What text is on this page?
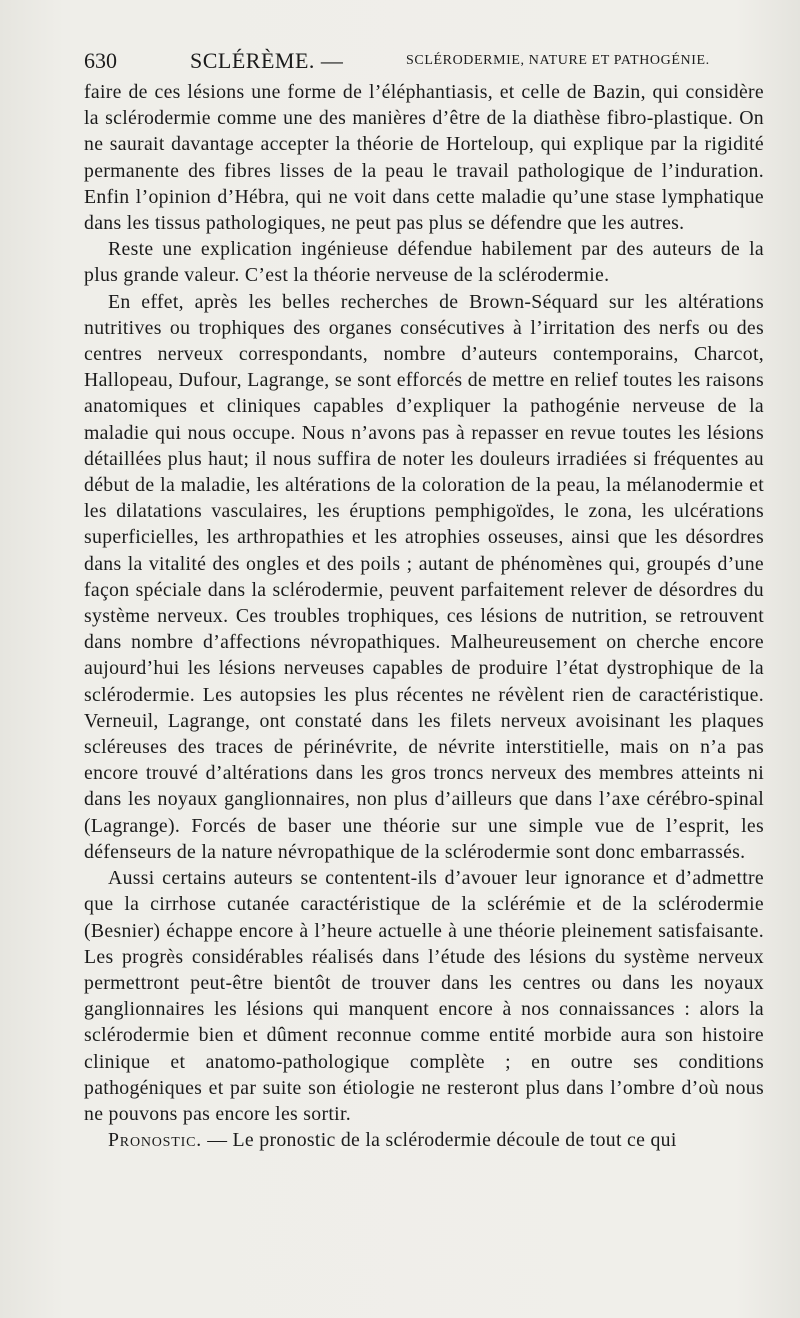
630	SCLÉRÈME. —	SCLÉRODERMIE, NATURE ET PATHOGÉNIE.

faire de ces lésions une forme de l’éléphantiasis, et celle de Bazin, qui considère la sclérodermie comme une des manières d’être de la diathèse fibro-plastique. On ne saurait davantage accepter la théorie de Horteloup, qui explique par la rigidité permanente des fibres lisses de la peau le travail pathologique de l’induration. Enfin l’opinion d’Hébra, qui ne voit dans cette maladie qu’une stase lymphatique dans les tissus pathologiques, ne peut pas plus se défendre que les autres.

Reste une explication ingénieuse défendue habilement par des auteurs de la plus grande valeur. C’est la théorie nerveuse de la sclérodermie.

En effet, après les belles recherches de Brown-Séquard sur les altérations nutritives ou trophiques des organes consécutives à l’irritation des nerfs ou des centres nerveux correspondants, nombre d’auteurs contemporains, Charcot, Hallopeau, Dufour, Lagrange, se sont efforcés de mettre en relief toutes les raisons anatomiques et cliniques capables d’expliquer la pathogénie nerveuse de la maladie qui nous occupe. Nous n’avons pas à repasser en revue toutes les lésions détaillées plus haut; il nous suffira de noter les douleurs irradiées si fréquentes au début de la maladie, les altérations de la coloration de la peau, la mélanodermie et les dilatations vasculaires, les éruptions pemphigoïdes, le zona, les ulcérations superficielles, les arthropathies et les atrophies osseuses, ainsi que les désordres dans la vitalité des ongles et des poils ; autant de phénomènes qui, groupés d’une façon spéciale dans la sclérodermie, peuvent parfaitement relever de désordres du système nerveux. Ces troubles trophiques, ces lésions de nutrition, se retrouvent dans nombre d’affections névropathiques. Malheureusement on cherche encore aujourd’hui les lésions nerveuses capables de produire l’état dystrophique de la sclérodermie. Les autopsies les plus récentes ne révèlent rien de caractéristique. Verneuil, Lagrange, ont constaté dans les filets nerveux avoisinant les plaques scléreuses des traces de périnévrite, de névrite interstitielle, mais on n’a pas encore trouvé d’altérations dans les gros troncs nerveux des membres atteints ni dans les noyaux ganglionnaires, non plus d’ailleurs que dans l’axe cérébro-spinal (Lagrange). Forcés de baser une théorie sur une simple vue de l’esprit, les défenseurs de la nature névropathique de la sclérodermie sont donc embarrassés.

Aussi certains auteurs se contentent-ils d’avouer leur ignorance et d’admettre que la cirrhose cutanée caractéristique de la sclérémie et de la sclérodermie (Besnier) échappe encore à l’heure actuelle à une théorie pleinement satisfaisante. Les progrès considérables réalisés dans l’étude des lésions du système nerveux permettront peut-être bientôt de trouver dans les centres ou dans les noyaux ganglionnaires les lésions qui manquent encore à nos connaissances : alors la sclérodermie bien et dûment reconnue comme entité morbide aura son histoire clinique et anatomo-pathologique complète ; en outre ses conditions pathogéniques et par suite son étiologie ne resteront plus dans l’ombre d’où nous ne pouvons pas encore les sortir.

Pronostic. — Le pronostic de la sclérodermie découle de tout ce qui
